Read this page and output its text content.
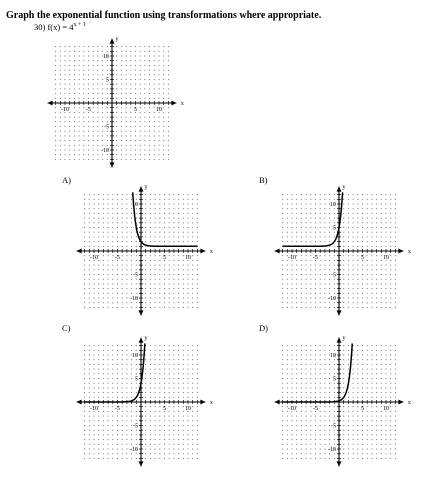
Graph the exponential function using transformations where appropriate.
30) $f(x) = 4^{x + 1}$
-10	-5	5	10
10
5
-5
-10
x
y
A)	B)
C)	D)
-10	-5	5	10
10
5
-5
-10
x
y
-10	-5	5	10
10
5
-5
-10
x
y
-10	-5	5	10
10
5
-5
-10
x
y
-10	-5	5	10
10
5
-5
-10
x
y
